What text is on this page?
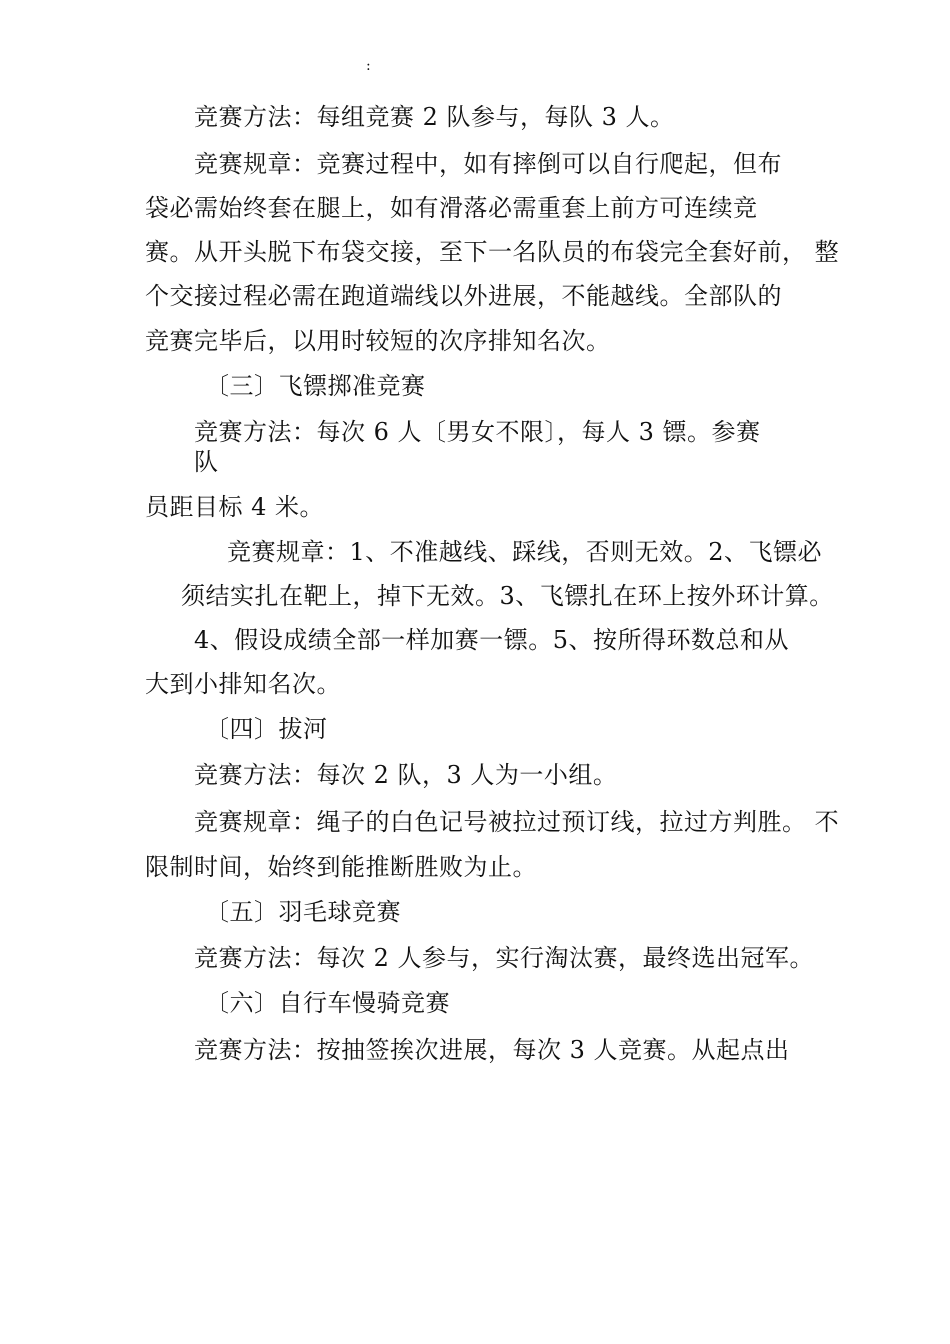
:
竞赛方法：每组竞赛 2 队参与，每队 3 人。
竞赛规章：竞赛过程中，如有摔倒可以自行爬起，但布
袋必需始终套在腿上，如有滑落必需重套上前方可连续竞
赛。从开头脱下布袋交接，至下一名队员的布袋完全套好前， 整
个交接过程必需在跑道端线以外进展，不能越线。全部队的
竞赛完毕后，以用时较短的次序排知名次。
〔三〕飞镖掷准竞赛
竞赛方法：每次 6 人〔男女不限〕，每人 3 镖。参赛
队
员距目标 4 米。
竞赛规章：1、不准越线、踩线，否则无效。2、飞镖必
须结实扎在靶上，掉下无效。3、飞镖扎在环上按外环计算。
4、假设成绩全部一样加赛一镖。5、按所得环数总和从
大到小排知名次。
〔四〕拔河
竞赛方法：每次 2 队，3 人为一小组。
竞赛规章：绳子的白色记号被拉过预订线，拉过方判胜。 不
限制时间，始终到能推断胜败为止。
〔五〕羽毛球竞赛
竞赛方法：每次 2 人参与，实行淘汰赛，最终选出冠军。
〔六〕自行车慢骑竞赛
竞赛方法：按抽签挨次进展，每次 3 人竞赛。从起点出
